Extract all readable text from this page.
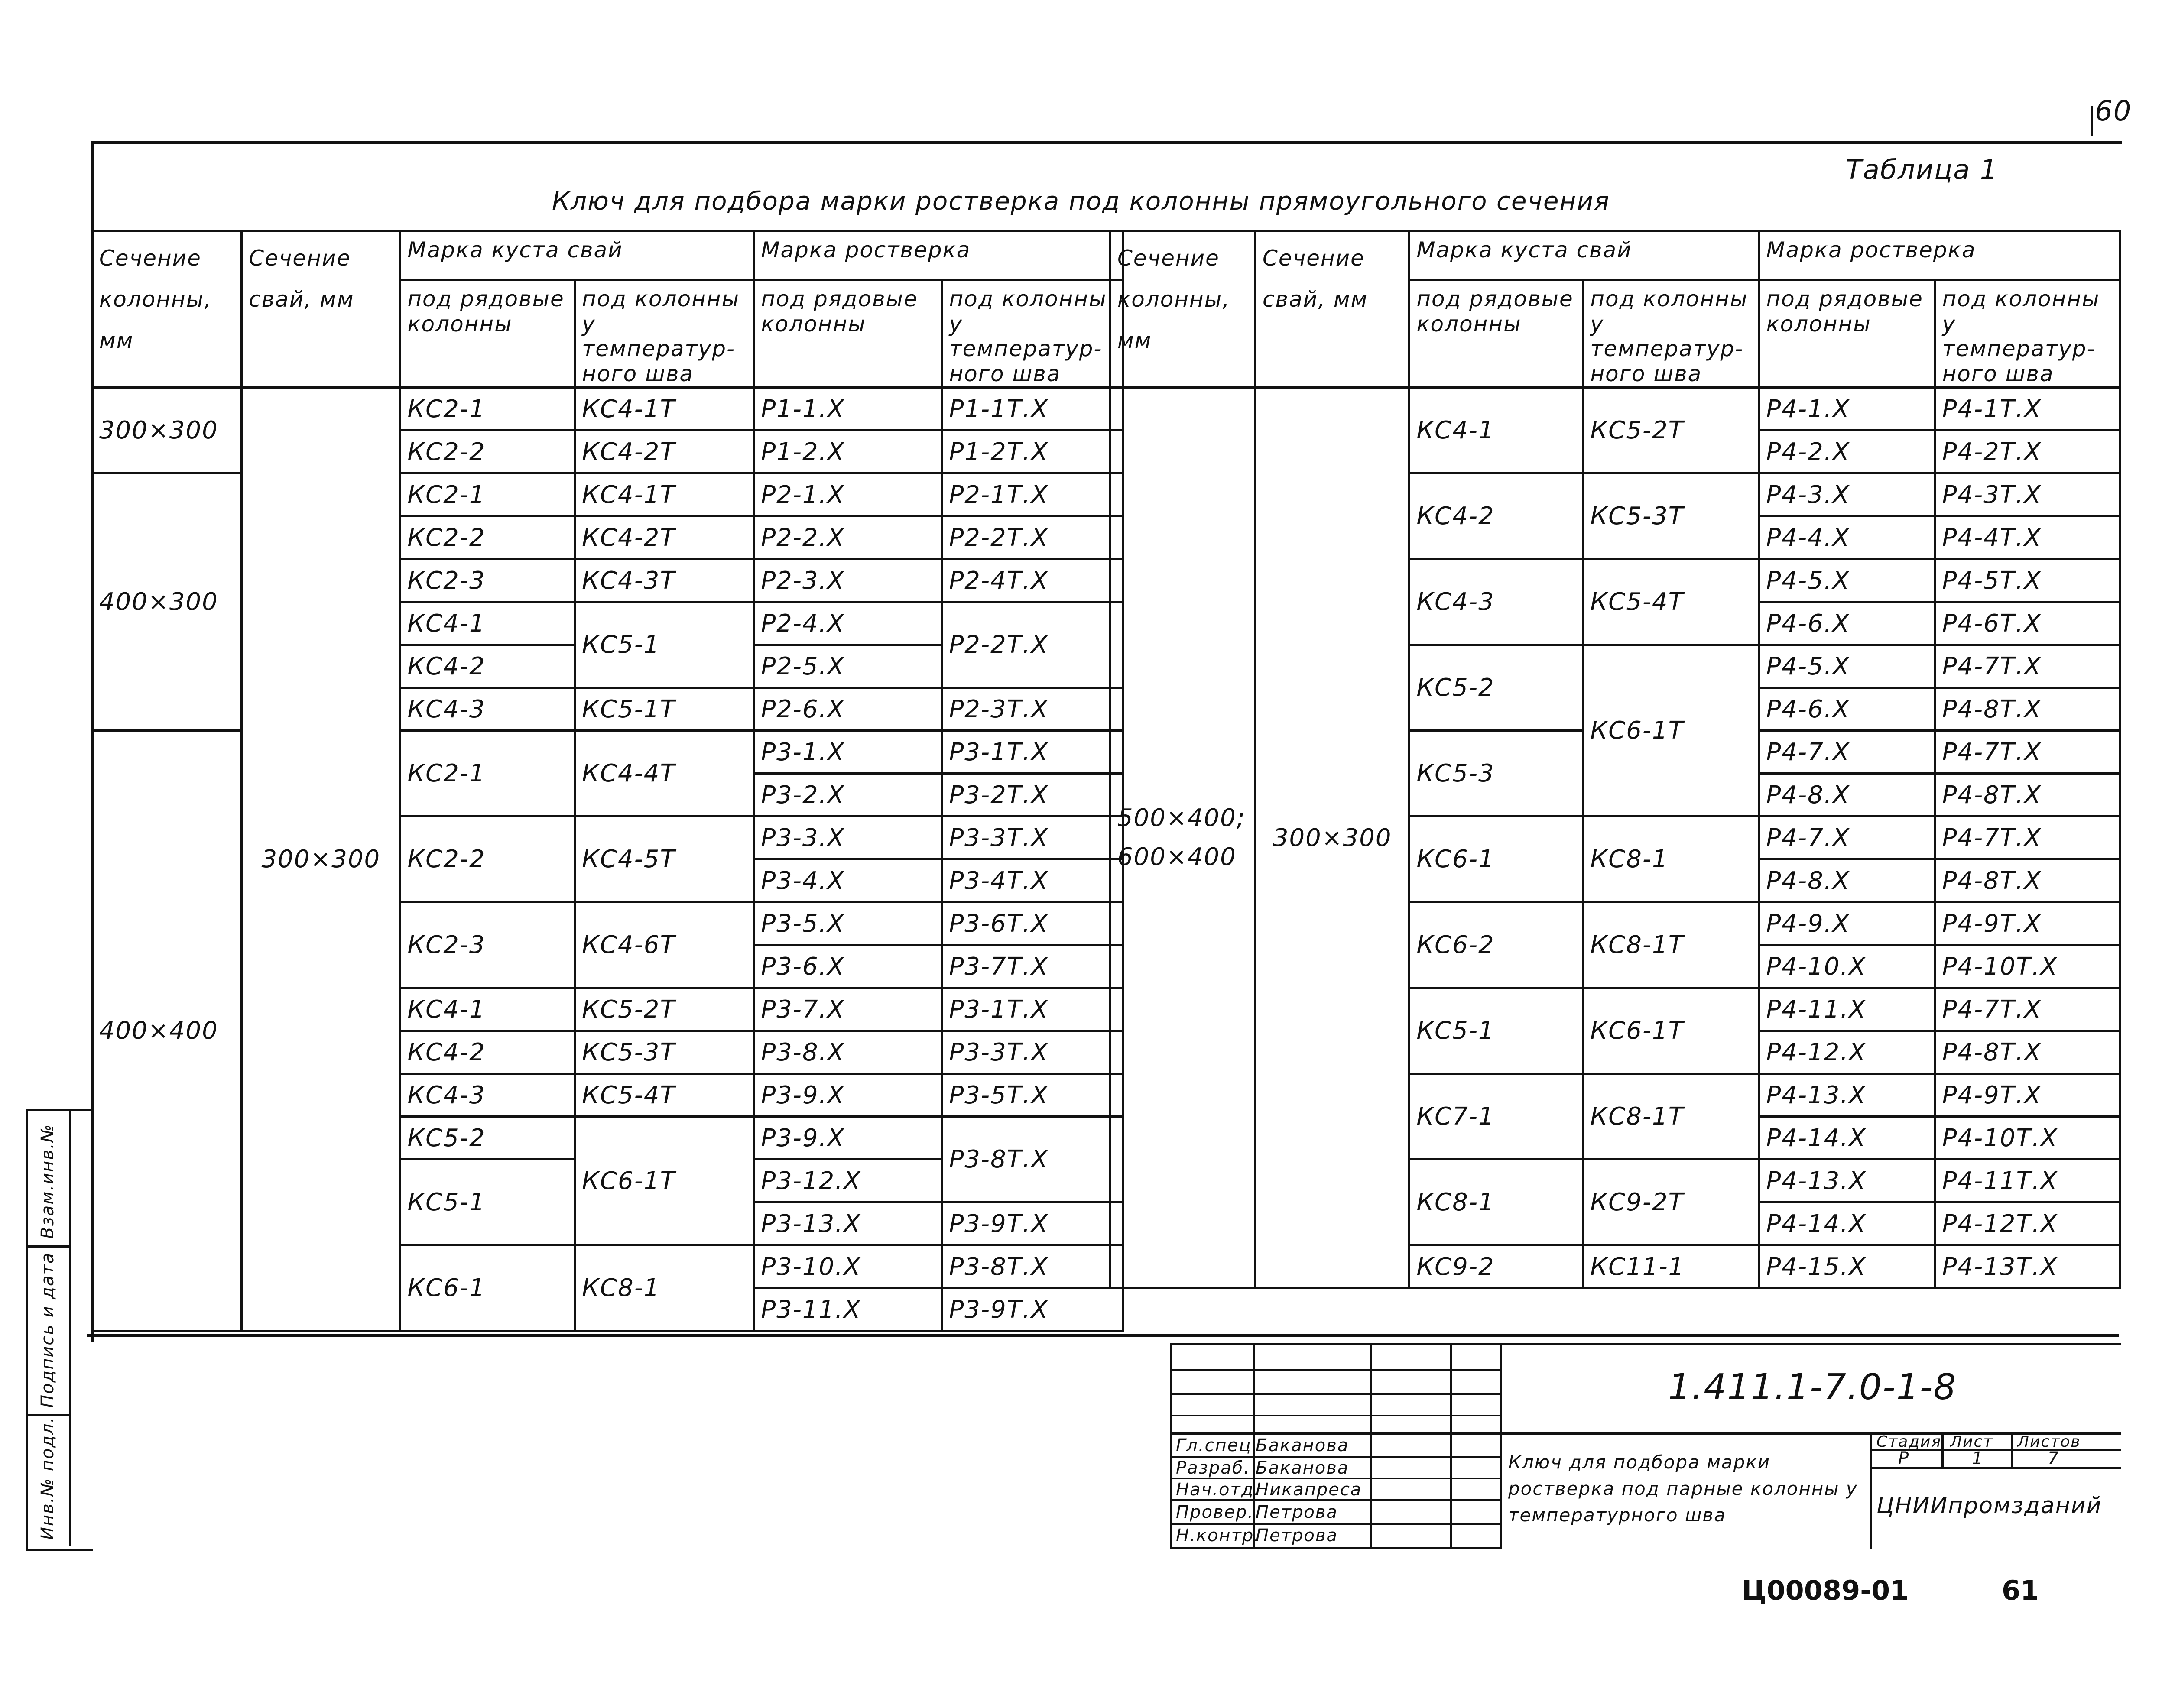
60
Таблица 1
Ключ для подбора марки ростверка под колонны прямоугольного сечения
Сечение колонны, мм	Сечение свай, мм	Марка куста свай		Марка ростверка	
		под рядовые колонны	под колонны у температур-ного шва	под рядовые колонны	под колонны у температур-ного шва
300×300	300×300	КС2-1	КС4-1Т	Р1-1.Х	Р1-1Т.Х
		КС2-2	КС4-2Т	Р1-2.Х	Р1-2Т.Х
400×300		КС2-1	КС4-1Т	Р2-1.Х	Р2-1Т.Х
		КС2-2	КС4-2Т	Р2-2.Х	Р2-2Т.Х
		КС2-3	КС4-3Т	Р2-3.Х	Р2-4Т.Х
		КС4-1	КС5-1	Р2-4.Х	Р2-2Т.Х
		КС4-2		Р2-5.Х	
		КС4-3	КС5-1Т	Р2-6.Х	Р2-3Т.Х
400×400		КС2-1	КС4-4Т	Р3-1.Х	Р3-1Т.Х
				Р3-2.Х	Р3-2Т.Х
		КС2-2	КС4-5Т	Р3-3.Х	Р3-3Т.Х
				Р3-4.Х	Р3-4Т.Х
		КС2-3	КС4-6Т	Р3-5.Х	Р3-6Т.Х
				Р3-6.Х	Р3-7Т.Х
		КС4-1	КС5-2Т	Р3-7.Х	Р3-1Т.Х
		КС4-2	КС5-3Т	Р3-8.Х	Р3-3Т.Х
		КС4-3	КС5-4Т	Р3-9.Х	Р3-5Т.Х
		КС5-2	КС6-1Т	Р3-9.Х	Р3-8Т.Х
		КС5-1		Р3-12.Х	
				Р3-13.Х	Р3-9Т.Х
		КС6-1	КС8-1	Р3-10.Х	Р3-8Т.Х
				Р3-11.Х	Р3-9Т.Х
Сечение колонны, мм	Сечение свай, мм	Марка куста свай		Марка ростверка	
		под рядовые колонны	под колонны у температур-ного шва	под рядовые колонны	под колонны у температур-ного шва
500×400; 600×400	300×300	КС4-1	КС5-2Т	Р4-1.Х	Р4-1Т.Х
				Р4-2.Х	Р4-2Т.Х
		КС4-2	КС5-3Т	Р4-3.Х	Р4-3Т.Х
				Р4-4.Х	Р4-4Т.Х
		КС4-3	КС5-4Т	Р4-5.Х	Р4-5Т.Х
				Р4-6.Х	Р4-6Т.Х
		КС5-2	КС6-1Т	Р4-5.Х	Р4-7Т.Х
				Р4-6.Х	Р4-8Т.Х
		КС5-3		Р4-7.Х	Р4-7Т.Х
				Р4-8.Х	Р4-8Т.Х
		КС6-1	КС8-1	Р4-7.Х	Р4-7Т.Х
				Р4-8.Х	Р4-8Т.Х
		КС6-2	КС8-1Т	Р4-9.Х	Р4-9Т.Х
				Р4-10.Х	Р4-10Т.Х
		КС5-1	КС6-1Т	Р4-11.Х	Р4-7Т.Х
				Р4-12.Х	Р4-8Т.Х
		КС7-1	КС8-1Т	Р4-13.Х	Р4-9Т.Х
				Р4-14.Х	Р4-10Т.Х
		КС8-1	КС9-2Т	Р4-13.Х	Р4-11Т.Х
				Р4-14.Х	Р4-12Т.Х
		КС9-2	КС11-1	Р4-15.Х	Р4-13Т.Х
Взам.инв.№
Подпись и дата
Инв.№ подл.	Гл.спец.
Баканова
Разраб. Баканова
Нач.отд.
Никапреса
Провер. Петрова
Н.контр.
Петрова
Ключ для подбора марки ростверка под парные колонны у температурного шва
Стадия Лист Листов
Р	1	7
ЦНИИпромзданий
1.411.1-7.0-1-8
Ц00089-01	61
